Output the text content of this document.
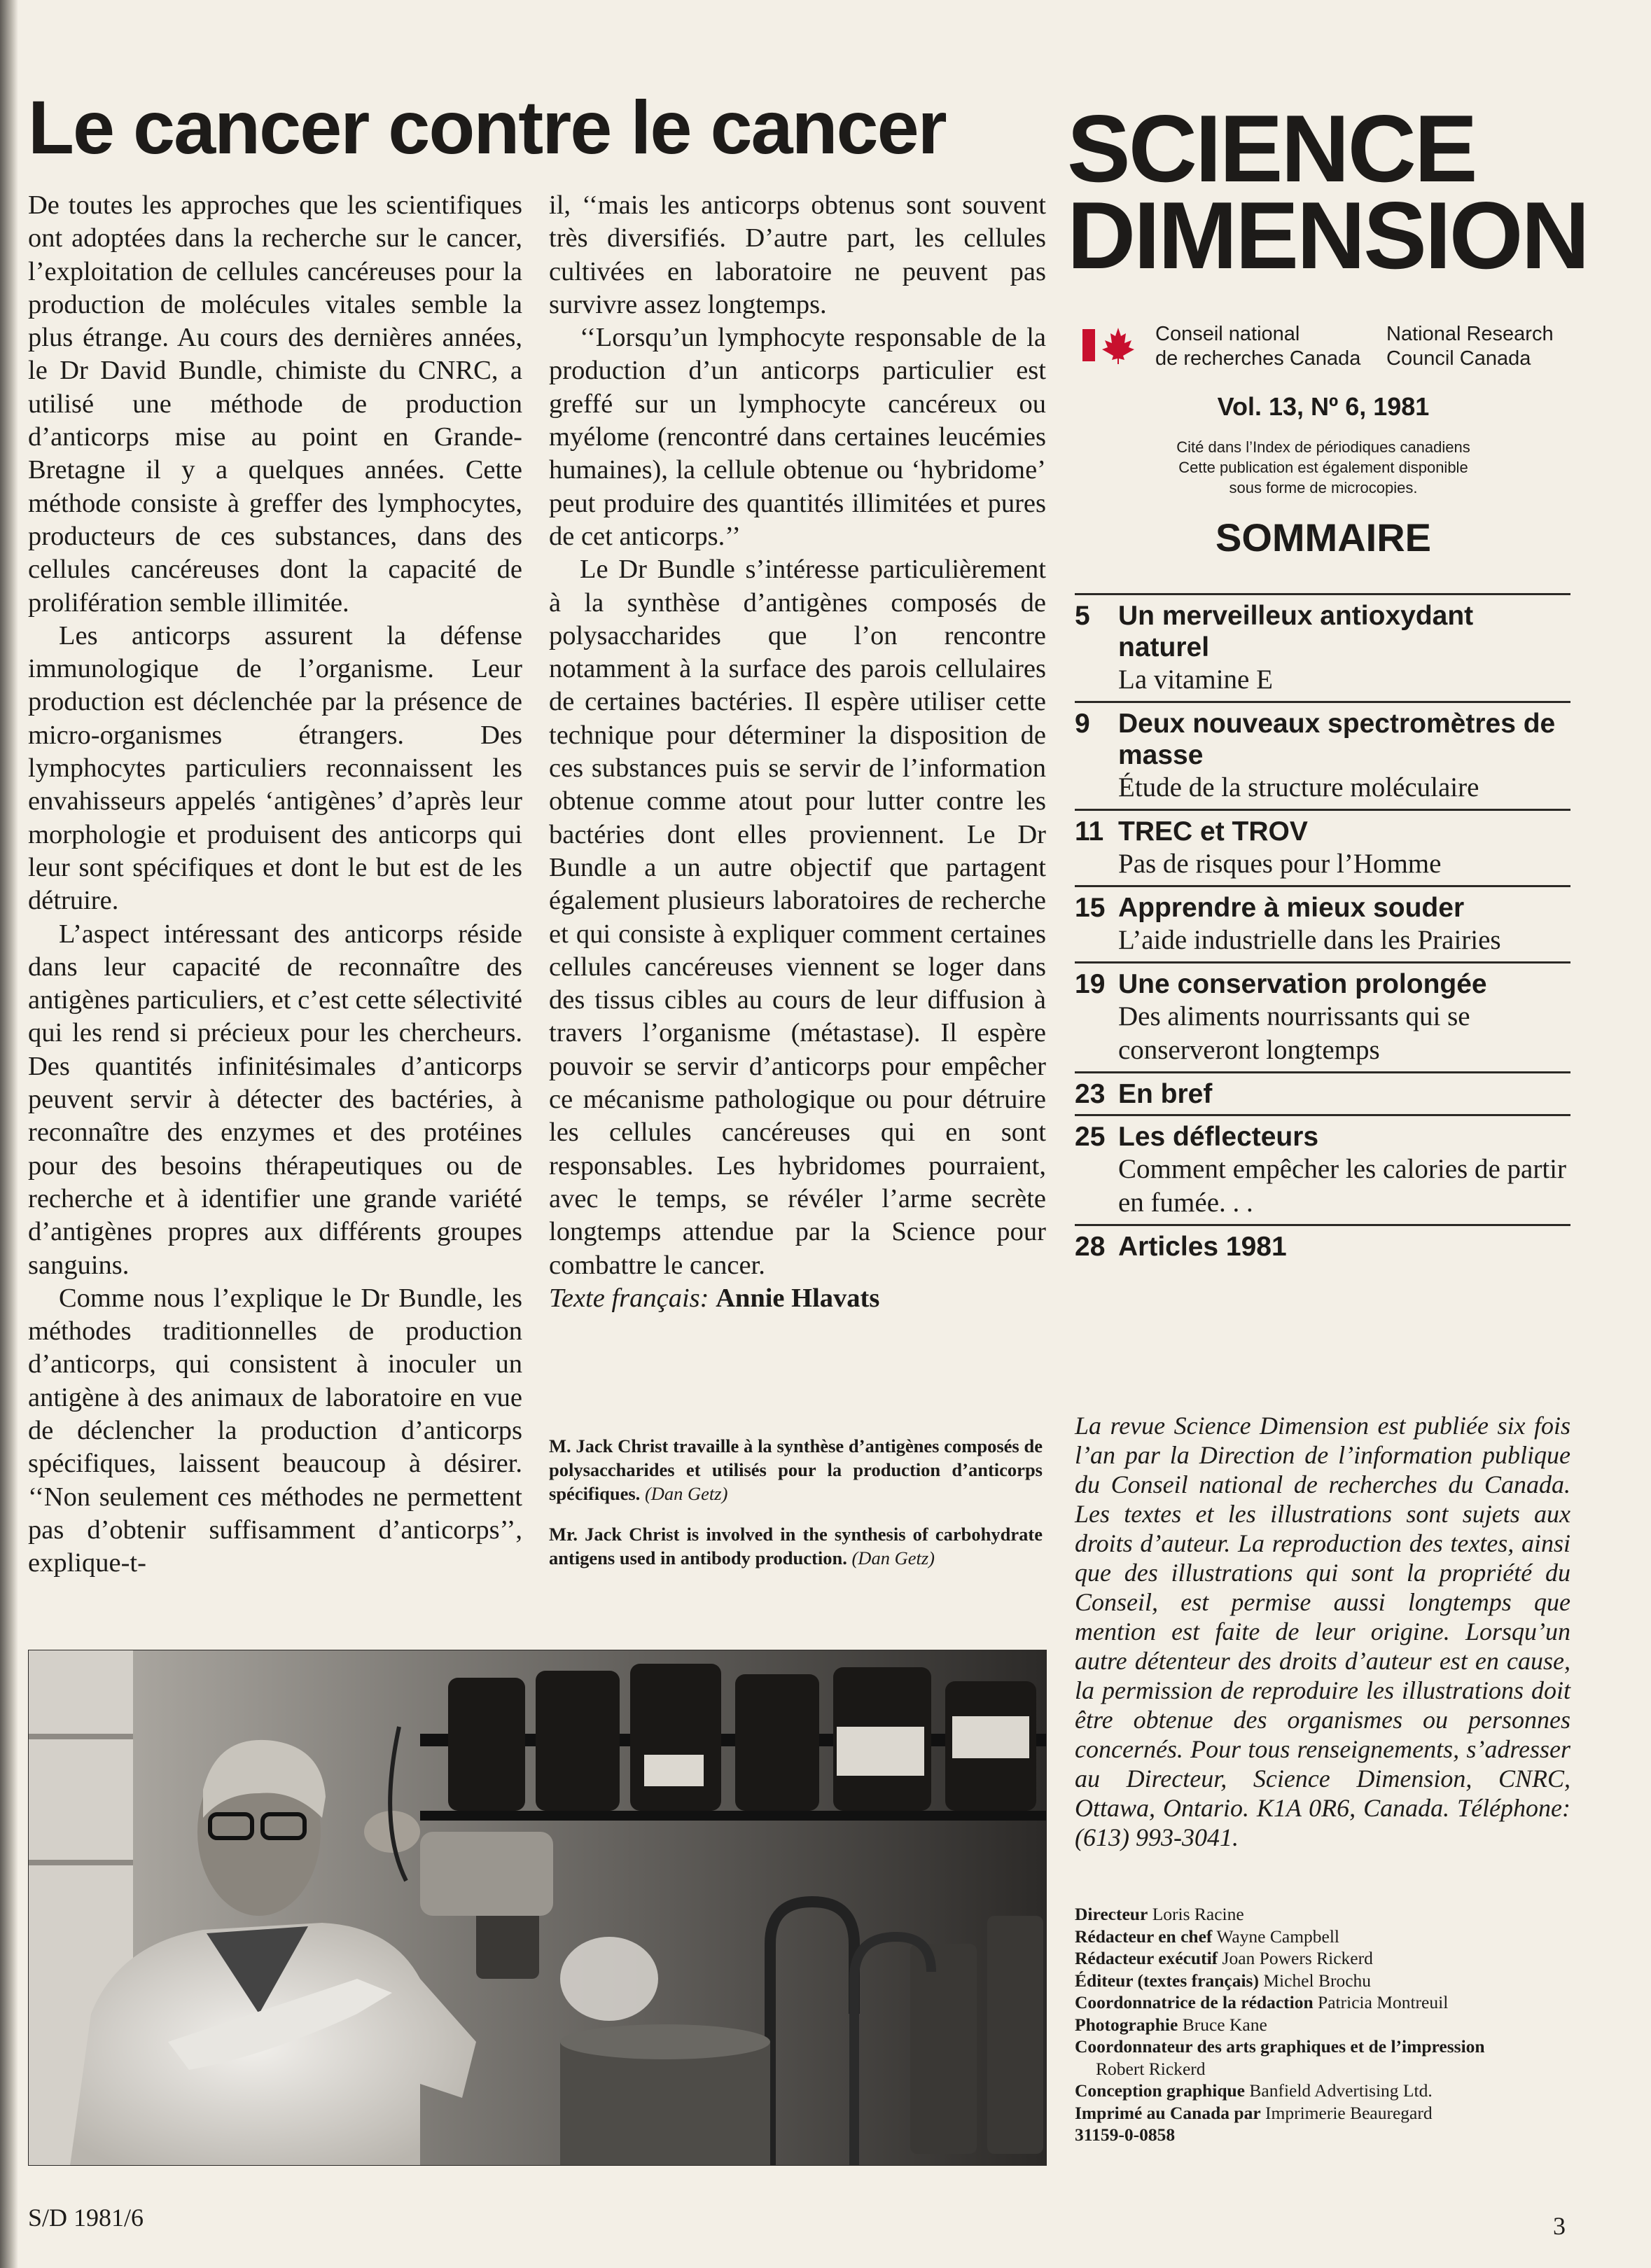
Le cancer contre le cancer

De toutes les approches que les scientifiques ont adoptées dans la recherche sur le cancer, l’exploitation de cellules cancéreuses pour la production de molécules vitales semble la plus étrange. Au cours des dernières années, le Dr David Bundle, chimiste du CNRC, a utilisé une méthode de production d’anticorps mise au point en Grande-Bretagne il y a quelques années. Cette méthode consiste à greffer des lymphocytes, producteurs de ces substances, dans des cellules cancéreuses dont la capacité de prolifération semble illimitée.

Les anticorps assurent la défense immunologique de l’organisme. Leur production est déclenchée par la présence de micro-organismes étrangers. Des lymphocytes particuliers reconnaissent les envahisseurs appelés ‘antigènes’ d’après leur morphologie et produisent des anticorps qui leur sont spécifiques et dont le but est de les détruire.

L’aspect intéressant des anticorps réside dans leur capacité de reconnaître des antigènes particuliers, et c’est cette sélectivité qui les rend si précieux pour les chercheurs. Des quantités infinitésimales d’anticorps peuvent servir à détecter des bactéries, à reconnaître des enzymes et des protéines pour des besoins thérapeutiques ou de recherche et à identifier une grande variété d’antigènes propres aux différents groupes sanguins.

Comme nous l’explique le Dr Bundle, les méthodes traditionnelles de production d’anticorps, qui consistent à inoculer un antigène à des animaux de laboratoire en vue de déclencher la production d’anticorps spécifiques, laissent beaucoup à désirer. ‘‘Non seulement ces méthodes ne permettent pas d’obtenir suffisamment d’anticorps’’, explique-t-

il, ‘‘mais les anticorps obtenus sont souvent très diversifiés. D’autre part, les cellules cultivées en laboratoire ne peuvent pas survivre assez longtemps.

‘‘Lorsqu’un lymphocyte responsable de la production d’un anticorps particulier est greffé sur un lymphocyte cancéreux ou myélome (rencontré dans certaines leucémies humaines), la cellule obtenue ou ‘hybridome’ peut produire des quantités illimitées et pures de cet anticorps.’’

Le Dr Bundle s’intéresse particulièrement à la synthèse d’antigènes composés de polysaccharides que l’on rencontre notamment à la surface des parois cellulaires de certaines bactéries. Il espère utiliser cette technique pour déterminer la disposition de ces substances puis se servir de l’information obtenue comme atout pour lutter contre les bactéries dont elles proviennent. Le Dr Bundle a un autre objectif que partagent également plusieurs laboratoires de recherche et qui consiste à expliquer comment certaines cellules cancéreuses viennent se loger dans des tissus cibles au cours de leur diffusion à travers l’organisme (métastase). Il espère pouvoir se servir d’anticorps pour empêcher ce mécanisme pathologique ou pour détruire les cellules cancéreuses qui en sont responsables. Les hybridomes pourraient, avec le temps, se révéler l’arme secrète longtemps attendue par la Science pour combattre le cancer.

Texte français: Annie Hlavats

M. Jack Christ travaille à la synthèse d’antigènes composés de polysaccharides et utilisés pour la production d’anticorps spécifiques. (Dan Getz)

Mr. Jack Christ is involved in the synthesis of carbohydrate antigens used in antibody production. (Dan Getz)

SCIENCE
DIMENSION
Conseil national
de recherches Canada
National Research
Council Canada
Vol. 13, Nº 6, 1981
Cité dans l’Index de périodiques canadiens
Cette publication est également disponible
sous forme de microcopies.
SOMMAIRE
5 Un merveilleux antioxydant naturel
La vitamine E
9 Deux nouveaux spectromètres de masse
Étude de la structure moléculaire
11 TREC et TROV
Pas de risques pour l’Homme
15 Apprendre à mieux souder
L’aide industrielle dans les Prairies
19 Une conservation prolongée
Des aliments nourrissants qui se conserveront longtemps
23 En bref
25 Les déflecteurs
Comment empêcher les calories de partir en fumée. . .
28 Articles 1981
La revue Science Dimension est publiée six fois l’an par la Direction de l’information publique du Conseil national de recherches du Canada. Les textes et les illustrations sont sujets aux droits d’auteur. La reproduction des textes, ainsi que des illustrations qui sont la propriété du Conseil, est permise aussi longtemps que mention est faite de leur origine. Lorsqu’un autre détenteur des droits d’auteur est en cause, la permission de reproduire les illustrations doit être obtenue des organismes ou personnes concernés. Pour tous renseignements, s’adresser au Directeur, Science Dimension, CNRC, Ottawa, Ontario. K1A 0R6, Canada. Téléphone: (613) 993-3041.
Directeur Loris Racine
Rédacteur en chef Wayne Campbell
Rédacteur exécutif Joan Powers Rickerd
Éditeur (textes français) Michel Brochu
Coordonnatrice de la rédaction Patricia Montreuil
Photographie Bruce Kane
Coordonnateur des arts graphiques et de l’impression
Robert Rickerd
Conception graphique Banfield Advertising Ltd.
Imprimé au Canada par Imprimerie Beauregard
31159-0-0858
S/D 1981/6	3
